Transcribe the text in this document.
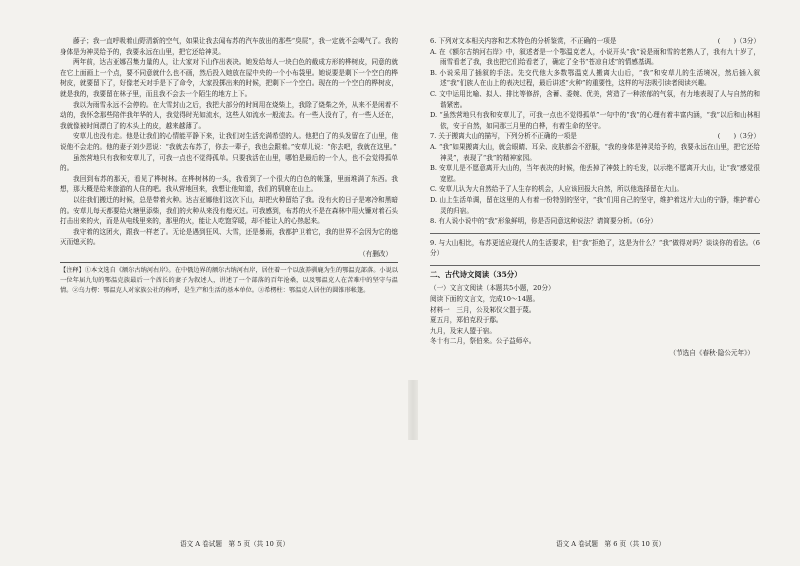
藤子；我一直呼吸着山野清新的空气，如果让我去闻布苏的汽车放出的那些“臭屁”，我一定就不会喝气了。我的身体是为神灵给予的，我要永远在山里，把它还给神灵。

两年前，达吉亚娜召集力量的人，让大家对下山作出表决。她发给每人一块白色的截成方形的桦树皮，同意的就在它上面画上一个点，要不同意就什么也不画，然后投入她放在屋中央的一个小布袋里。她说要是剩下一个空白的桦树皮，就要留下了，好像老天对手是下了命令，大家投掷出来的时候，把剩下一个空白。现在的一个空白的桦树皮，就是我的，我要留在林子里，而且我不会去一个陌生的地方上下。

我以为雨雪永远不会停的。在大雪封山之后，我把大部分的时间用在烧柴上，我除了烧柴之外，从来不是闲着不动的，我怀念那些陪伴我年华的人，我觉得时光如流水，这些人如流水一般流去。有一些人没有了，有一些人还在，我就像被时间漂白了的木头上的皮，越来越薄了。

安草儿也没有走。他是让我们的心情能平静下来，让我们对生活充满希望的人。他把白了的头发留在了山里，他说他不会走的。他的妻子刘少恩说：“我就去布苏了，你去一辈子，我也会跟着。”安草儿说：“你去吧，我就在这里。”

虽然营地只有我和安草儿了，可我一点也不觉得孤单。只要我活在山里，哪怕是最后的一个人，也不会觉得孤单的。

我回到布苏的那天，看见了桦树林。在桦树林的一头，我看到了一个很大的白色的帐篷，里面堆满了东西。我想，那大概是给来旅游的人住的吧。我从营地回来，我想让他知道，我们的驯鹿在山上。

以往我们搬迁的时候，总是带着火种。达吉亚娜他们这次下山，却把火种留给了我。没有火的日子是寒冷和黑暗的。安草儿每天都要给火塘里添柴，我们的火种从来没有熄灭过。可我感到，布苏的火不是在森林中用火镰对着石头打击出来的火，而是从电线里来的，那里的火，能让人吃饱穿暖，却不能让人的心热起来。

我守着的这团火，跟我一样老了。无论是遇到狂风、大雪，还是暴雨，我都护卫着它，我的世界不会因为它的熄灭而熄灭的。

（有删改）

【注释】①本文选自《额尔古纳河右岸》。在中俄边界的额尔古纳河右岸，居住着一个以放养驯鹿为生的鄂温克部落。小说以一位年届九旬的鄂温克族最后一个酋长的妻子为叙述人，讲述了一个部落的百年沧桑，以及鄂温克人在苦难中的坚守与温情。②乌力楞：鄂温克人对家族公社的称呼，是生产和生活的基本单位。③希楞柱：鄂温克人居住的圆锥形帐篷。

6. 下列对文本相关内容和艺术特色的分析鉴赏，不正确的一项是	(　　)（3分）

A. 在《额尔古纳河右岸》中，叙述者是一个鄂温克老人，小说开头“我”说是雨和雪的老熟人了，我有九十岁了，雨雪看老了我，我也把它们给看老了，确定了全书“苍凉自述”的情感基调。

B. 小说采用了插叙的手法。先交代他大多数鄂温克人搬离大山后，“我”和安草儿的生活境况，然后插入叙述“我”们族人在山上的表决过程，最后讲述“火种”的重要性，这样的写法吸引读者阅读兴趣。

C. 文中运用比喻、拟人、排比等修辞，含蓄、委婉、优美，营造了一种浓郁的气氛，有力地表现了人与自然的和谐紧密。

D. “虽然营地只有我和安草儿了，可我一点也不觉得孤单”一句中的“我”的心理有着丰富内涵，“我”以后和山林相依，安于自然，如同那三月里的白桦，有着生命的坚守。

7. 关于搬离大山的描写，下列分析不正确的一项是	(　　)（3分）

A. “我”如果搬离大山，就会眼睛、耳朵、皮肤都会不舒服，“我的身体是神灵给予的，我要永远在山里，把它还给神灵”，表现了“我”的精神家园。

B. 安草儿是不愿意离开大山的，当年表决的时候，他丢掉了神鼓上的毛发，以示绝不愿离开大山，让“我”感觉很宽慰。

C. 安草儿认为大自然给予了人生存的机会，人应该回报大自然，所以他选择留在大山。

D. 山上生活单调，留在这里的人有着一份特别的坚守，“我”们用自己的坚守，维护着这片大山的宁静，维护着心灵的归宿。

8. 有人说小说中的“我”形象鲜明，你是否同意这种说法？请简要分析。（6分）

9. 与大山相比，布苏更适应现代人的生活要求，但“我”拒绝了，这是为什么？“我”做得对吗？谈谈你的看法。（6分）

二、古代诗文阅读（35分）

（一）文言文阅读（本题共5小题，20分）

阅读下面的文言文，完成10～14题。

材料一　 三月，公及邾仪父盟于蔑。

夏五月，郑伯克段于鄢。

九月，及宋人盟于宿。

冬十有二月，祭伯来。公子益师卒。

（节选自《春秋·隐公元年》）
语文 A 卷试题　第 5 页（共 10 页）	语文 A 卷试题　第 6 页（共 10 页）
